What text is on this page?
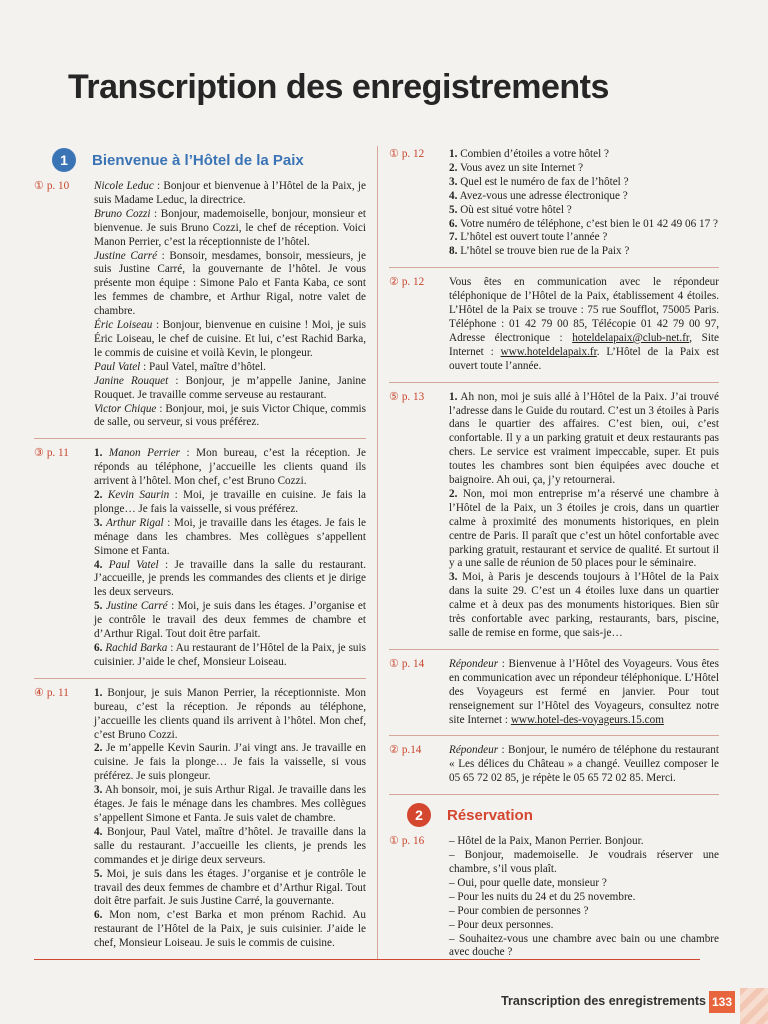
Transcription des enregistrements
1	Bienvenue à l’Hôtel de la Paix
① p. 10	Nicole Leduc : Bonjour et bienvenue à l’Hôtel de la Paix, je suis Madame Leduc, la directrice.

Bruno Cozzi : Bonjour, mademoiselle, bonjour, monsieur et bienvenue. Je suis Bruno Cozzi, le chef de réception. Voici Manon Perrier, c’est la réceptionniste de l’hôtel.

Justine Carré : Bonsoir, mesdames, bonsoir, messieurs, je suis Justine Carré, la gouvernante de l’hôtel. Je vous présente mon équipe : Simone Palo et Fanta Kaba, ce sont les femmes de chambre, et Arthur Rigal, notre valet de chambre.

Éric Loiseau : Bonjour, bienvenue en cuisine ! Moi, je suis Éric Loiseau, le chef de cuisine. Et lui, c’est Rachid Barka, le commis de cuisine et voilà Kevin, le plongeur.

Paul Vatel : Paul Vatel, maître d’hôtel.

Janine Rouquet : Bonjour, je m’appelle Janine, Janine Rouquet. Je travaille comme serveuse au restaurant.

Victor Chique : Bonjour, moi, je suis Victor Chique, commis de salle, ou serveur, si vous préférez.

③ p. 11	1. Manon Perrier : Mon bureau, c’est la réception. Je réponds au téléphone, j’accueille les clients quand ils arrivent à l’hôtel. Mon chef, c’est Bruno Cozzi.

2. Kevin Saurin : Moi, je travaille en cuisine. Je fais la plonge… Je fais la vaisselle, si vous préférez.

3. Arthur Rigal : Moi, je travaille dans les étages. Je fais le ménage dans les chambres. Mes collègues s’appellent Simone et Fanta.

4. Paul Vatel : Je travaille dans la salle du restaurant. J’accueille, je prends les commandes des clients et je dirige les deux serveurs.

5. Justine Carré : Moi, je suis dans les étages. J’organise et je contrôle le travail des deux femmes de chambre et d’Arthur Rigal. Tout doit être parfait.

6. Rachid Barka : Au restaurant de l’Hôtel de la Paix, je suis cuisinier. J’aide le chef, Monsieur Loiseau.

④ p. 11	1. Bonjour, je suis Manon Perrier, la réceptionniste. Mon bureau, c’est la réception. Je réponds au téléphone, j’accueille les clients quand ils arrivent à l’hôtel. Mon chef, c’est Bruno Cozzi.

2. Je m’appelle Kevin Saurin. J’ai vingt ans. Je travaille en cuisine. Je fais la plonge… Je fais la vaisselle, si vous préférez. Je suis plongeur.

3. Ah bonsoir, moi, je suis Arthur Rigal. Je travaille dans les étages. Je fais le ménage dans les chambres. Mes collègues s’appellent Simone et Fanta. Je suis valet de chambre.

4. Bonjour, Paul Vatel, maître d’hôtel. Je travaille dans la salle du restaurant. J’accueille les clients, je prends les commandes et je dirige deux serveurs.

5. Moi, je suis dans les étages. J’organise et je contrôle le travail des deux femmes de chambre et d’Arthur Rigal. Tout doit être parfait. Je suis Justine Carré, la gouvernante.

6. Mon nom, c’est Barka et mon prénom Rachid. Au restaurant de l’Hôtel de la Paix, je suis cuisinier. J’aide le chef, Monsieur Loiseau. Je suis le commis de cuisine.

① p. 12	1. Combien d’étoiles a votre hôtel ?

2. Vous avez un site Internet ?

3. Quel est le numéro de fax de l’hôtel ?

4. Avez-vous une adresse électronique ?

5. Où est situé votre hôtel ?

6. Votre numéro de téléphone, c’est bien le 01 42 49 06 17 ?

7. L’hôtel est ouvert toute l’année ?

8. L’hôtel se trouve bien rue de la Paix ?

② p. 12	Vous êtes en communication avec le répondeur téléphonique de l’Hôtel de la Paix, établissement 4 étoiles. L’Hôtel de la Paix se trouve : 75 rue Soufflot, 75005 Paris. Téléphone : 01 42 79 00 85, Télécopie 01 42 79 00 97, Adresse électronique : hoteldelapaix@club-net.fr, Site Internet : www.hoteldelapaix.fr. L’Hôtel de la Paix est ouvert toute l’année.

⑤ p. 13	1. Ah non, moi je suis allé à l’Hôtel de la Paix. J’ai trouvé l’adresse dans le Guide du routard. C’est un 3 étoiles à Paris dans le quartier des affaires. C’est bien, oui, c’est confortable. Il y a un parking gratuit et deux restaurants pas chers. Le service est vraiment impeccable, super. Et puis toutes les chambres sont bien équipées avec douche et baignoire. Ah oui, ça, j’y retournerai.

2. Non, moi mon entreprise m’a réservé une chambre à l’Hôtel de la Paix, un 3 étoiles je crois, dans un quartier calme à proximité des monuments historiques, en plein centre de Paris. Il paraît que c’est un hôtel confortable avec parking gratuit, restaurant et service de qualité. Et surtout il y a une salle de réunion de 50 places pour le séminaire.

3. Moi, à Paris je descends toujours à l’Hôtel de la Paix dans la suite 29. C’est un 4 étoiles luxe dans un quartier calme et à deux pas des monuments historiques. Bien sûr très confortable avec parking, restaurants, bars, piscine, salle de remise en forme, que sais-je…

① p. 14	Répondeur : Bienvenue à l’Hôtel des Voyageurs. Vous êtes en communication avec un répondeur téléphonique. L’Hôtel des Voyageurs est fermé en janvier. Pour tout renseignement sur l’Hôtel des Voyageurs, consultez notre site Internet : www.hotel-des-voyageurs.15.com

② p.14	Répondeur : Bonjour, le numéro de téléphone du restaurant « Les délices du Château » a changé. Veuillez composer le 05 65 72 02 85, je répète le 05 65 72 02 85. Merci.

2	Réservation
① p. 16	– Hôtel de la Paix, Manon Perrier. Bonjour.

– Bonjour, mademoiselle. Je voudrais réserver une chambre, s’il vous plaît.

– Oui, pour quelle date, monsieur ?

– Pour les nuits du 24 et du 25 novembre.

– Pour combien de personnes ?

– Pour deux personnes.

– Souhaitez-vous une chambre avec bain ou une chambre avec douche ?

Transcription des enregistrements 133
